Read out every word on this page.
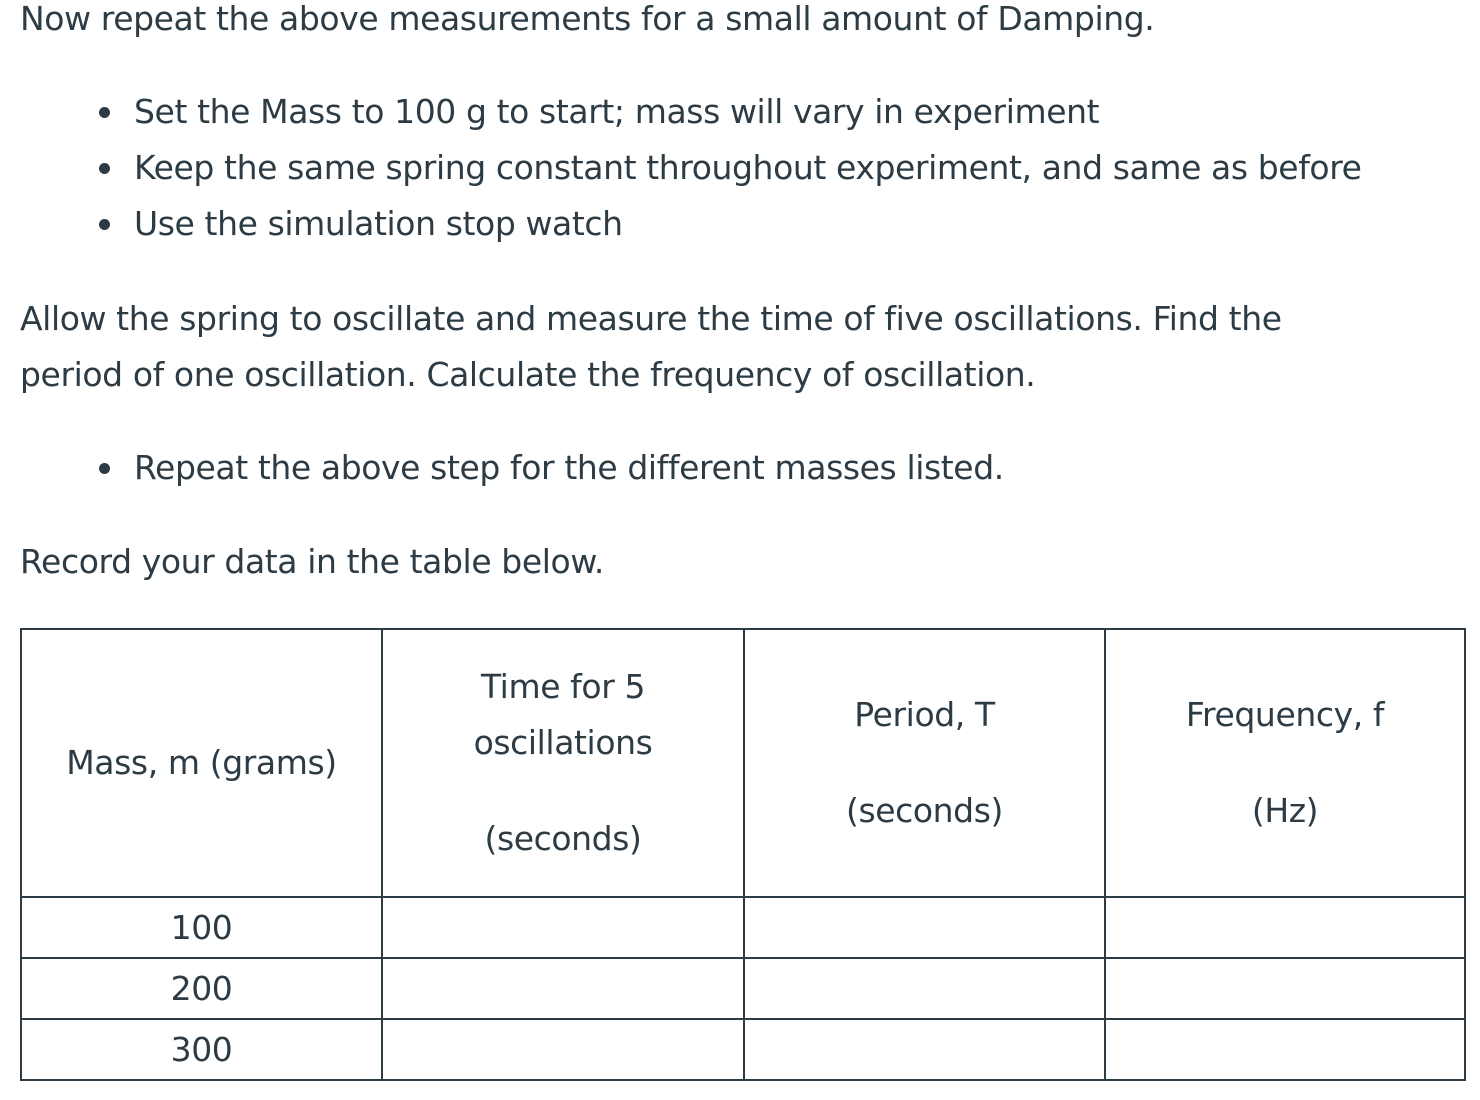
Now repeat the above measurements for a small amount of Damping.

Set the Mass to 100 g to start; mass will vary in experiment
Keep the same spring constant throughout experiment, and same as before
Use the simulation stop watch

Allow the spring to oscillate and measure the time of five oscillations. Find the
period of one oscillation. Calculate the frequency of oscillation.

Repeat the above step for the different masses listed.

Record your data in the table below.

Mass, m (grams)	Time for 5
oscillations
(seconds)	Period, T
(seconds)	Frequency, f
(Hz)

100			
200			
300			
